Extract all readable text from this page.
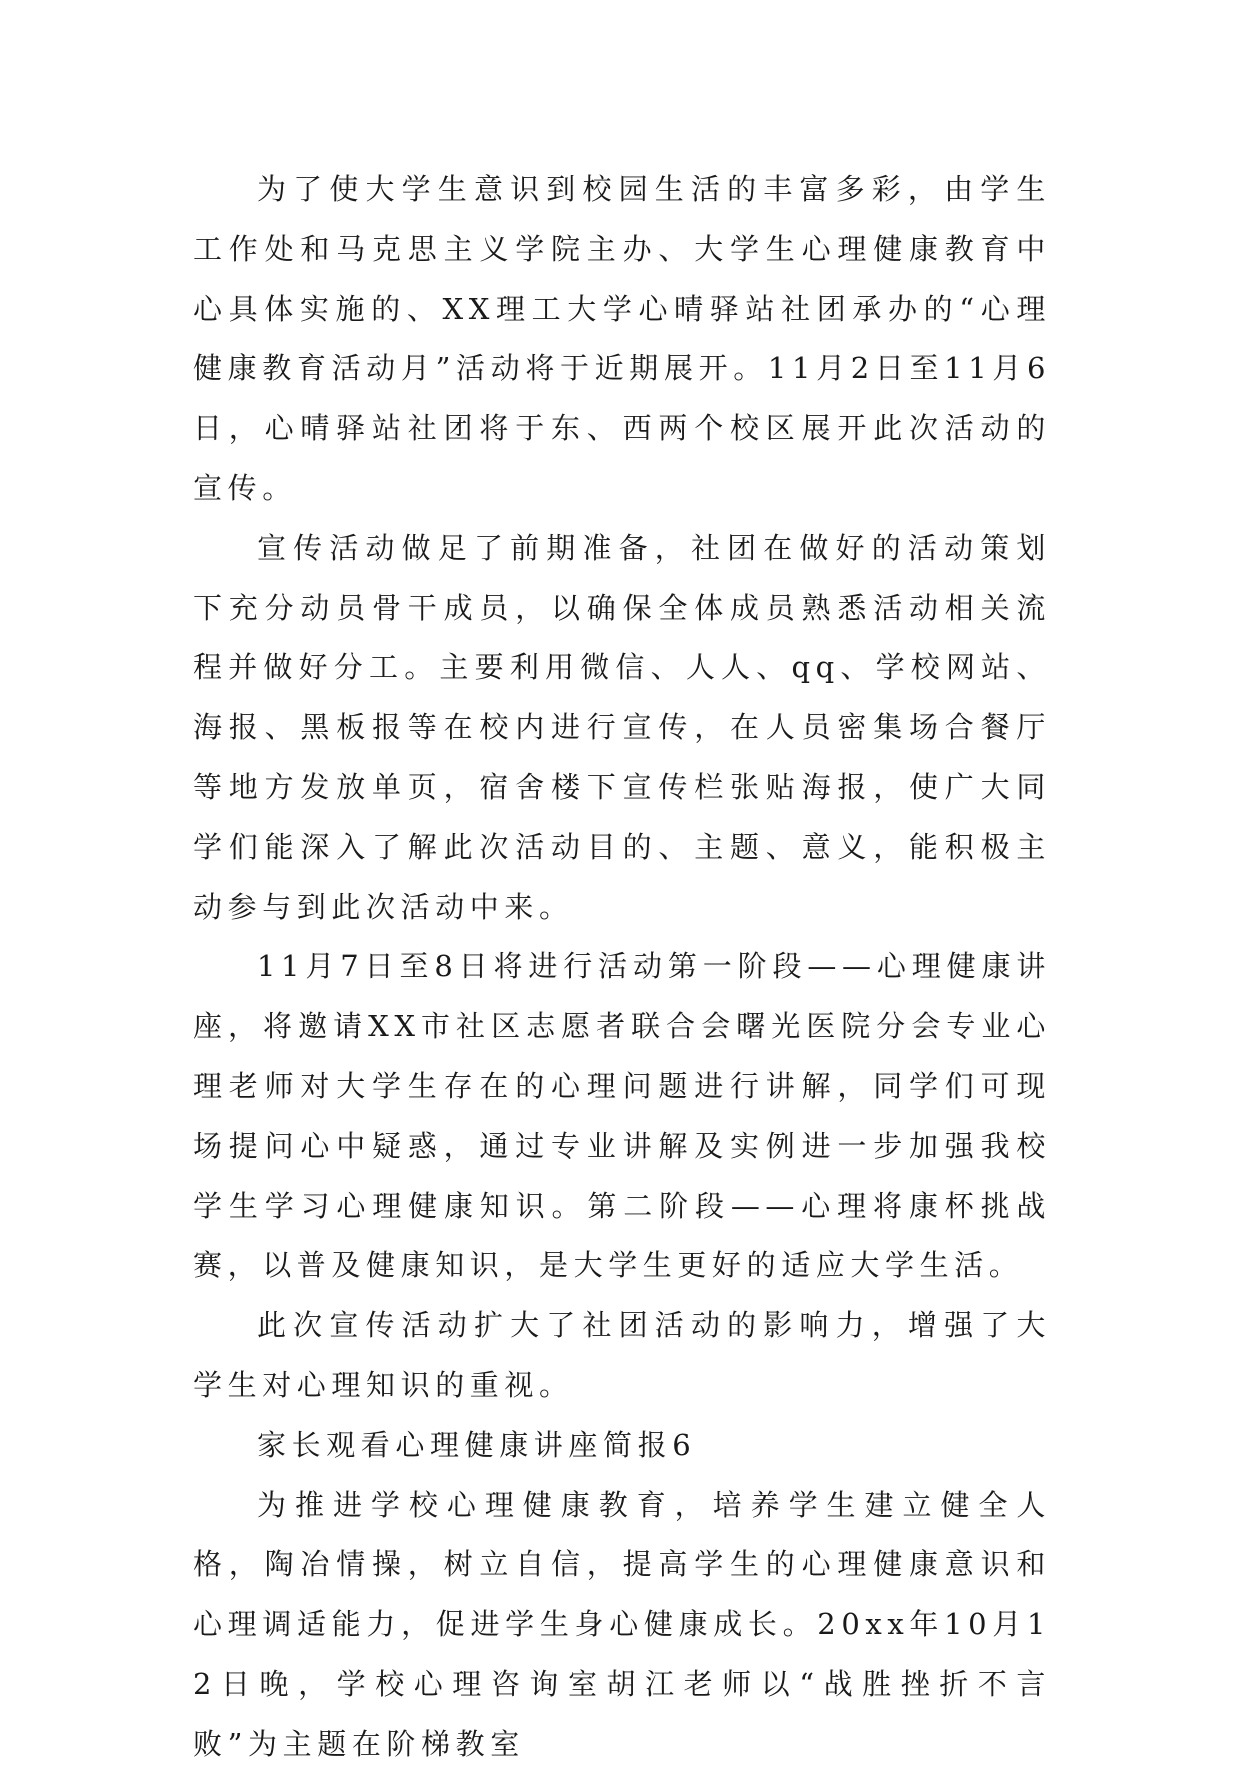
为了使大学生意识到校园生活的丰富多彩，由学生工作处和马克思主义学院主办、大学生心理健康教育中心具体实施的、XX理工大学心晴驿站社团承办的“心理健康教育活动月”活动将于近期展开。11月2日至11月6日，心晴驿站社团将于东、西两个校区展开此次活动的宣传。

宣传活动做足了前期准备，社团在做好的活动策划下充分动员骨干成员，以确保全体成员熟悉活动相关流程并做好分工。主要利用微信、人人、qq、学校网站、海报、黑板报等在校内进行宣传，在人员密集场合餐厅等地方发放单页，宿舍楼下宣传栏张贴海报，使广大同学们能深入了解此次活动目的、主题、意义，能积极主动参与到此次活动中来。

11月7日至8日将进行活动第一阶段——心理健康讲座，将邀请XX市社区志愿者联合会曙光医院分会专业心理老师对大学生存在的心理问题进行讲解，同学们可现场提问心中疑惑，通过专业讲解及实例进一步加强我校学生学习心理健康知识。第二阶段——心理将康杯挑战赛，以普及健康知识，是大学生更好的适应大学生活。

此次宣传活动扩大了社团活动的影响力，增强了大学生对心理知识的重视。

家长观看心理健康讲座简报6

为推进学校心理健康教育，培养学生建立健全人格，陶冶情操，树立自信，提高学生的心理健康意识和心理调适能力，促进学生身心健康成长。20xx年10月12日晚，学校心理咨询室胡江老师以“战胜挫折不言败”为主题在阶梯教室
